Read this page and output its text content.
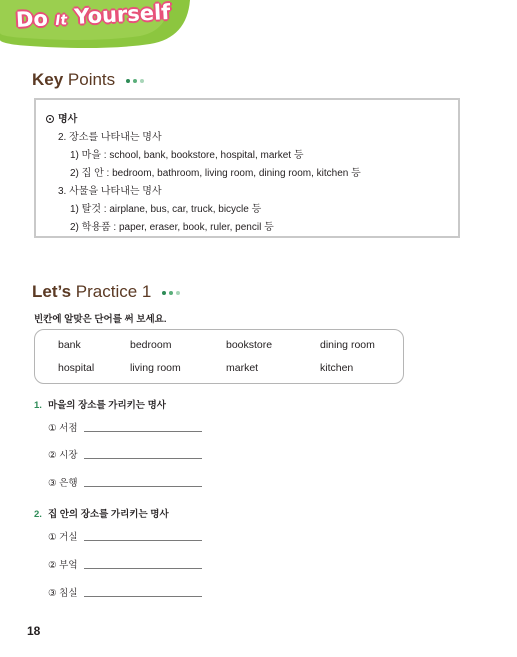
Do It Yourself
Key Points
명사
2. 장소를 나타내는 명사
1) 마을 : school, bank, bookstore, hospital, market 등
2) 집 안 : bedroom, bathroom, living room, dining room, kitchen 등
3. 사물을 나타내는 명사
1) 탈것 : airplane, bus, car, truck, bicycle 등
2) 학용품 : paper, eraser, book, ruler, pencil 등
Let’s Practice 1
빈칸에 알맞은 단어를 써 보세요.
bank	bedroom	bookstore	dining room
hospital	living room	market	kitchen
1. 마을의 장소를 가리키는 명사
① 서점
② 시장
③ 은행
2. 집 안의 장소를 가리키는 명사
① 거실
② 부엌
③ 침실
18
